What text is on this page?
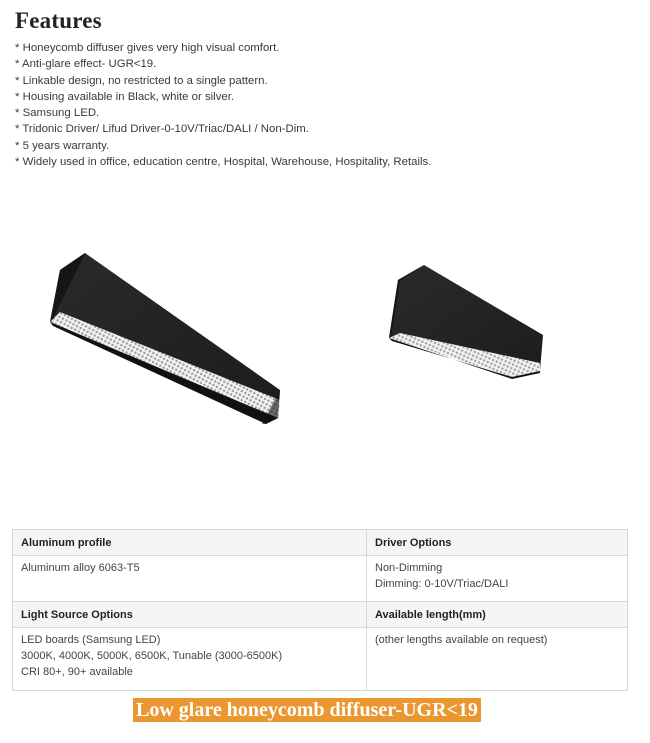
Features
* Honeycomb diffuser gives very high visual comfort.
* Anti-glare effect- UGR<19.
* Linkable design, no restricted to a single pattern.
* Housing available in Black, white or silver.
* Samsung LED.
* Tridonic Driver/ Lifud Driver-0-10V/Triac/DALI / Non-Dim.
* 5 years warranty.
* Widely used in office, education centre, Hospital, Warehouse, Hospitality, Retails.
Aluminum profile	Driver Options

Aluminum alloy 6063-T5	Non-Dimming
Dimming: 0-10V/Triac/DALI

Light Source Options	Available length(mm)

LED boards (Samsung LED)
3000K, 4000K, 5000K, 6500K, Tunable (3000-6500K)
CRI 80+, 90+ available	(other lengths available on request)
Low glare honeycomb diffuser-UGR<19
